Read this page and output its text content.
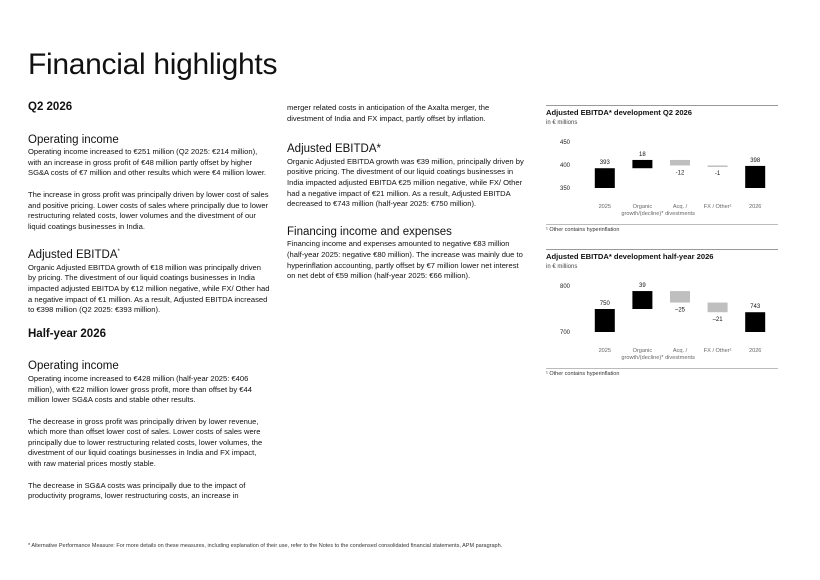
Financial highlights
Q2 2026
Operating income

Operating income increased to €251 million (Q2 2025: €214 million), with an increase in gross profit of €48 million partly offset by higher SG&A costs of €7 million and other results which were €4 million lower.

The increase in gross profit was principally driven by lower cost of sales and positive pricing. Lower costs of sales where principally due to lower restructuring related costs, lower volumes and the divestment of our liquid coatings businesses in India.

Adjusted EBITDA*

Organic Adjusted EBITDA growth of €18 million was principally driven by pricing. The divestment of our liquid coatings businesses in India impacted adjusted EBITDA by €12 million negative, while FX/ Other had a negative impact of €1 million. As a result, Adjusted EBITDA increased to €398 million (Q2 2025: €393 million).

Half-year 2026
Operating income

Operating income increased to €428 million (half-year 2025: €406 million), with €22 million lower gross profit, more than offset by €44 million lower SG&A costs and stable other results.

The decrease in gross profit was principally driven by lower revenue, which more than offset lower cost of sales. Lower costs of sales were principally due to lower restructuring related costs, lower volumes, the divestment of our liquid coatings businesses in India and FX impact, with raw material prices mostly stable.

The decrease in SG&A costs was principally due to the impact of productivity programs, lower restructuring costs, an increase in

merger related costs in anticipation of the Axalta merger, the divestment of India and FX impact, partly offset by inflation.

Adjusted EBITDA*

Organic Adjusted EBITDA growth was €39 million, principally driven by positive pricing. The divestment of our liquid coatings businesses in India impacted adjusted EBITDA €25 million negative, while FX/ Other had a negative impact of €21 million. As a result, Adjusted EBITDA decreased to €743 million (half-year 2025: €750 million).

Financing income and expenses

Financing income and expenses amounted to negative €83 million (half-year 2025: negative €80 million). The increase was mainly due to hyperinflation accounting, partly offset by €7 million lower net interest on net debt of €59 million (half-year 2025: €66 million).

Adjusted EBITDA* development Q2 2026
in € millions
450
400
350
393
2025
18
Organic
growth/(decline)*
-12
Acq. /
divestments
-1
FX / Other¹
398
2026
¹ Other contains hyperinflation
Adjusted EBITDA* development half-year 2026
in € millions
800
700
750
2025
39
Organic
growth/(decline)*
–25
Acq. /
divestments
–21
FX / Other¹
743
2026
¹ Other contains hyperinflation
* Alternative Performance Measure: For more details on these measures, including explanation of their use, refer to the Notes to the condensed consolidated financial statements, APM paragraph.
